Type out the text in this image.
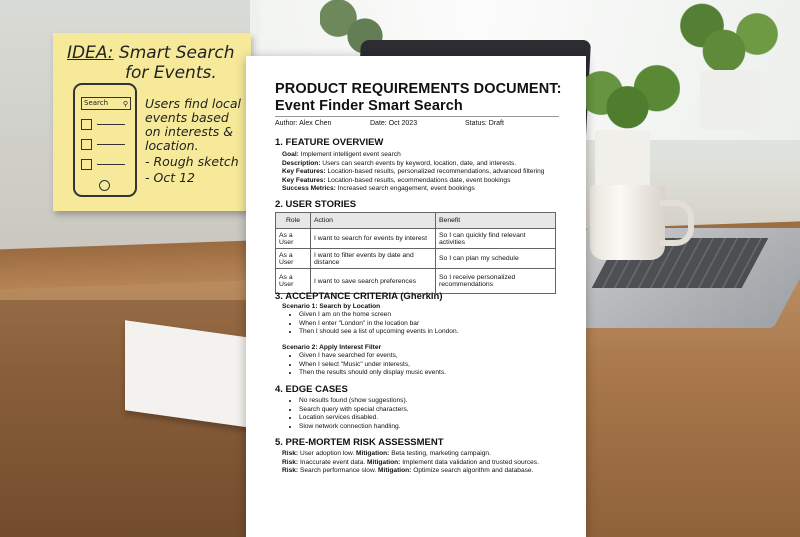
IDEA: Smart Search
for Events.
Search ⚲ Users find local
events based
on interests &
location.
- Rough sketch
- Oct 12
PRODUCT REQUIREMENTS DOCUMENT:
Event Finder Smart Search
Author: Alex Chen	Date: Oct 2023	Status: Draft
1. FEATURE OVERVIEW
Goal: Implement intelligent event search
Description: Users can search events by keyword, location, date, and interests.
Key Features: Location-based results, personalized recommendations, advanced filtering
Key Features: Location-based results, ecommendations date, event bookings
Success Metrics: Increased search engagement, event bookings
2. USER STORIES
Role	Action	Benefit
As a User	I want to search for events by interest	So I can quickly find relevant activities
As a User	I want to filter events by date and distance	So I can plan my schedule
As a User	I want to save search preferences	So I receive personalized recommendations
3. ACCEPTANCE CRITERIA (Gherkin)
Scenario 1: Search by Location
• Given I am on the home screen
• When I enter "London" in the location bar
• Then I should see a list of upcoming events in London.
Scenario 2: Apply Interest Filter
• Given I have searched for events,
• When I select "Music" under interests,
• Then the results should only display music events.
4. EDGE CASES
• No results found (show suggestions).
• Search query with special characters.
• Location services disabled.
• Slow network connection handling.
5. PRE-MORTEM RISK ASSESSMENT
Risk: User adoption low. Mitigation: Beta testing, marketing campaign.
Risk: Inaccurate event data. Mitigation: Implement data validation and trusted sources.
Risk: Search performance slow. Mitigation: Optimize search algorithm and database.
